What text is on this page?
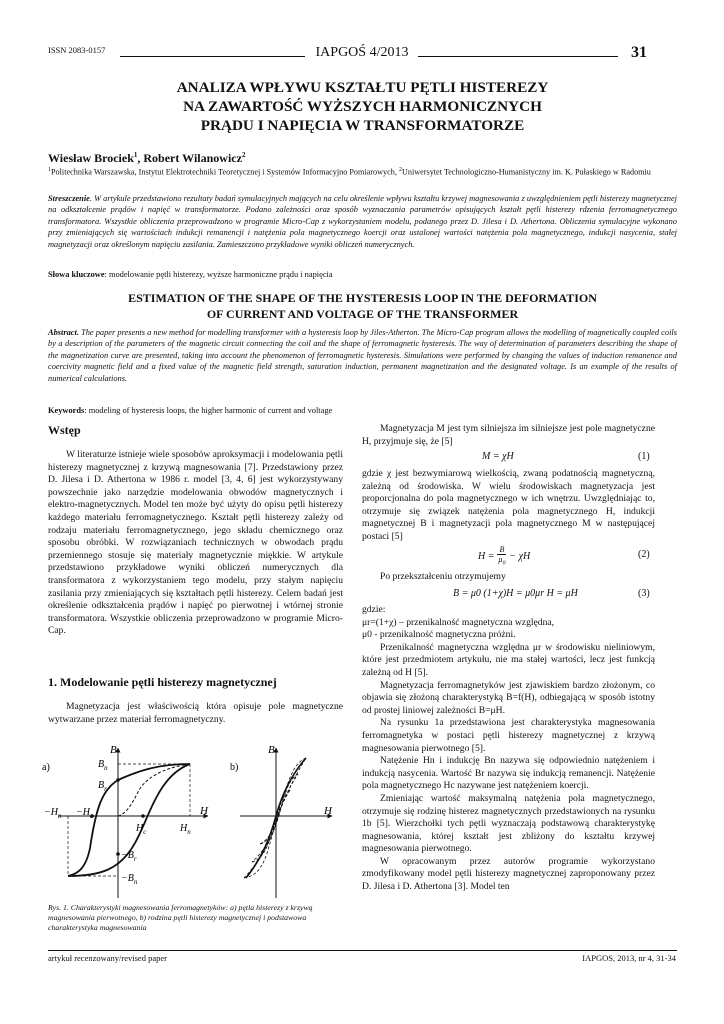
ISSN 2083-0157	IAPGOŚ 4/2013	31
ANALIZA WPŁYWU KSZTAŁTU PĘTLI HISTEREZY
NA ZAWARTOŚĆ WYŻSZYCH HARMONICZNYCH
PRĄDU I NAPIĘCIA W TRANSFORMATORZE
Wiesław Brociek$^1$, Robert Wilanowicz$^2$
$^1$Politechnika Warszawska, Instytut Elektrotechniki Teoretycznej i Systemów Informacyjno Pomiarowych, $^2$Uniwersytet Technologiczno-Humanistyczny im. K. Pułaskiego w Radomiu
Streszczenie. W artykule przedstawiono rezultaty badań symulacyjnych mających na celu określenie wpływu kształtu krzywej magnesowania z uwzględnieniem pętli histerezy magnetycznej na odkształcenie prądów i napięć w transformatorze. Podano zależności oraz sposób wyznaczania parametrów opisujących kształt pętli histerezy rdzenia ferromagnetycznego transformatora. Wszystkie obliczenia przeprowadzono w programie Micro-Cap z wykorzystaniem modelu, podanego przez D. Jilesa i D. Athertona. Obliczenia symulacyjne wykonano przy zmieniających się wartościach indukcji remanencji i natężenia pola magnetycznego koercji oraz ustalonej wartości natężenia pola magnetycznego, indukcji nasycenia, stałej magnetyzacji oraz określonym napięciu zasilania. Zamieszczono przykładowe wyniki obliczeń numerycznych.
Słowa kluczowe: modelowanie pętli histerezy, wyższe harmoniczne prądu i napięcia
ESTIMATION OF THE SHAPE OF THE HYSTERESIS LOOP IN THE DEFORMATION
OF CURRENT AND VOLTAGE OF THE TRANSFORMER
Abstract. The paper presents a new method for modelling transformer with a hysteresis loop by Jiles-Atherton. The Micro-Cap program allows the modelling of magnetically coupled coils by a description of the parameters of the magnetic circuit connecting the coil and the shape of ferromagnetic hysteresis. The way of determination of parameters describing the shape of the magnetization curve are presented, taking into account the phenomenon of ferromagnetic hysteresis. Simulations were performed by changing the values of induction remanence and coercivity magnetic field and a fixed value of the magnetic field strength, saturation induction, permanent magnetization and the designated voltage. Is an example of the results of numerical calculations.
Keywords: modeling of hysteresis loops, the higher harmonic of current and voltage
Wstęp

W literaturze istnieje wiele sposobów aproksymacji i modelowania pętli histerezy magnetycznej z krzywą magnesowania [7]. Przedstawiony przez D. Jilesa i D. Athertona w 1986 r. model [3, 4, 6] jest wykorzystywany powszechnie jako narzędzie modelowania obwodów magnetycznych i elektro-magnetycznych. Model ten może być użyty do opisu pętli histerezy każdego materiału ferromagnetycznego. Kształt pętli histerezy zależy od rodzaju materiału ferromagnetycznego, jego składu chemicznego oraz sposobu obróbki. W rozwiązaniach technicznych w obwodach prądu przemiennego stosuje się materiały magnetycznie miękkie. W artykule przedstawiono przykładowe wyniki obliczeń numerycznych dla transformatora z wykorzystaniem tego modelu, przy stałym napięciu zasilania przy zmieniających się kształtach pętli histerezy. Celem badań jest określenie odkształcenia prądów i napięć po pierwotnej i wtórnej stronie transformatora. Wszystkie obliczenia przeprowadzono w programie Micro-Cap.

1. Modelowanie pętli histerezy magnetycznej

Magnetyzacja jest właściwością która opisuje pole magnetyczne wytwarzane przez materiał ferromagnetyczny.

a)
B
H
$B_n$
$B_r$
$-B_r$
$-B_n$
$-H_n -H_c$
$H_c$	$H_n$
b)
B
H
Rys. 1. Charakterystyki magnesowania ferromagnetyków: a) pętla histerezy z krzywą magnesowania pierwotnego, b) rodzina pętli histerezy magnetycznej i podstawowa charakterystyka magnesowania

Magnetyzacja M jest tym silniejsza im silniejsze jest pole magnetyczne H, przyjmuje się, że [5]

M = χH	(1)

gdzie χ jest bezwymiarową wielkością, zwaną podatnością magnetyczną, zależną od środowiska. W wielu środowiskach magnetyzacja jest proporcjonalna do pola magnetycznego w ich wnętrzu. Uwzględniając to, otrzymuje się związek natężenia pola magnetycznego H, indukcji magnetycznej B i magnetyzacji pola magnetycznego M w następującej postaci [5]

$H = \frac{B}{\mu_0} - \chi H$	(2)

Po przekształceniu otrzymujemy

B = μ0 (1+χ)H = μ0μr H = μH	(3)
gdzie:
μr=(1+χ) – przenikalność magnetyczna względna,
μ0 - przenikalność magnetyczna próżni.

Przenikalność magnetyczna względna μr w środowisku nieliniowym, które jest przedmiotem artykułu, nie ma stałej wartości, lecz jest funkcją zależną od H [5].

Magnetyzacja ferromagnetyków jest zjawiskiem bardzo złożonym, co objawia się złożoną charakterystyką B=f(H), odbiegającą w sposób istotny od prostej liniowej zależności B=μH.

Na rysunku 1a przedstawiona jest charakterystyka magnesowania ferromagnetyka w postaci pętli histerezy magnetycznej z krzywą magnesowania pierwotnego [5].

Natężenie Hn i indukcję Bn nazywa się odpowiednio natężeniem i indukcją nasycenia. Wartość Br nazywa się indukcją remanencji. Natężenie pola magnetycznego Hc nazywane jest natężeniem koercji.

Zmieniając wartość maksymalną natężenia pola magnetycznego, otrzymuje się rodzinę histerez magnetycznych przedstawionych na rysunku 1b [5]. Wierzchołki tych pętli wyznaczają podstawową charakterystykę magnesowania, której kształt jest zbliżony do kształtu krzywej magnesowania pierwotnego.

W opracowanym przez autorów programie wykorzystano zmodyfikowany model pętli histerezy magnetycznej zaproponowany przez D. Jilesa i D. Athertona [3]. Model ten

artykuł recenzowany/revised paper	IAPGOS, 2013, nr 4, 31-34
